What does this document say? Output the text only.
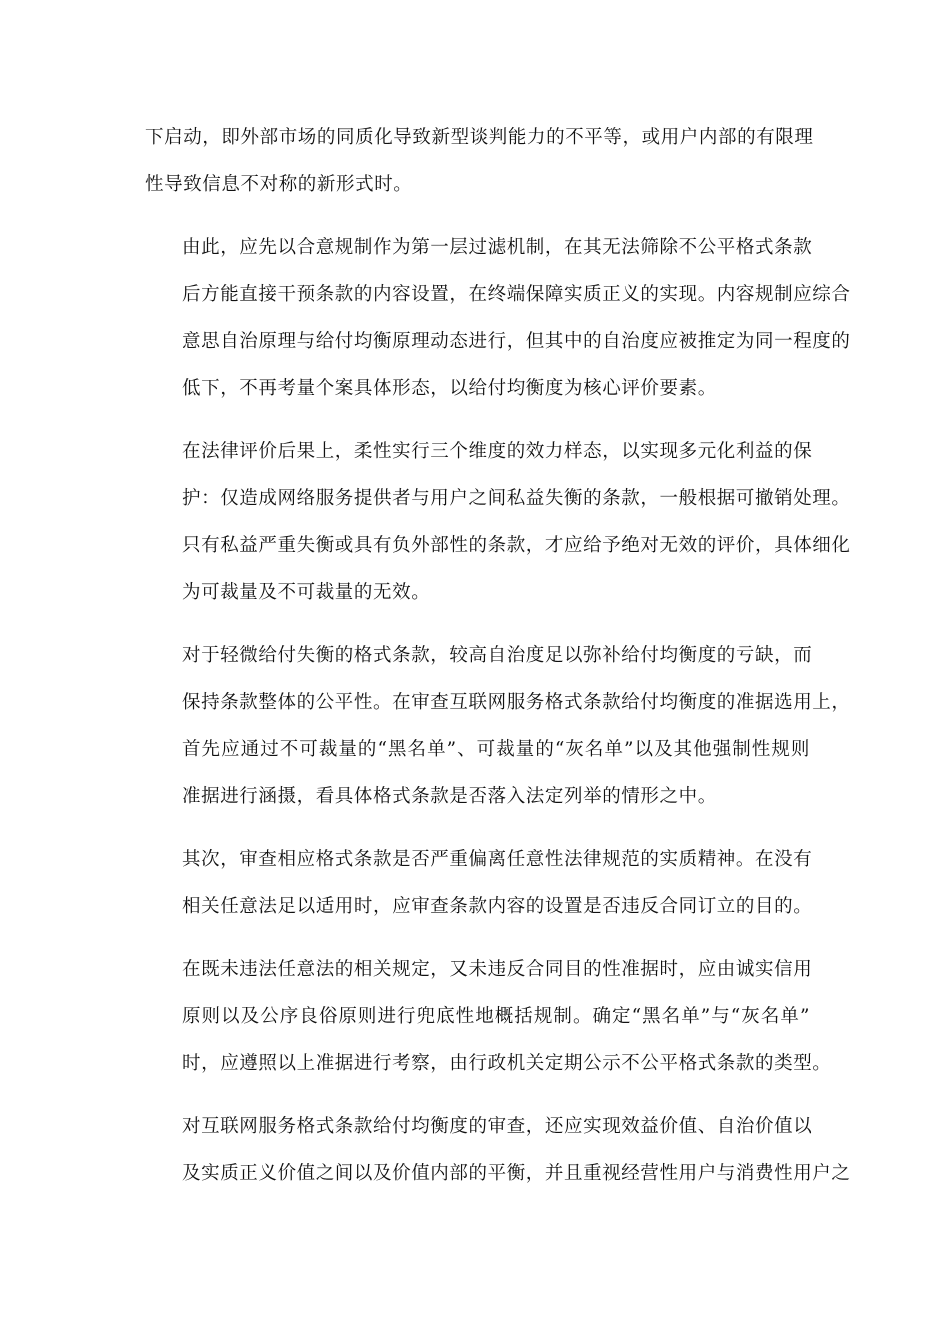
下启动，即外部市场的同质化导致新型谈判能力的不平等，或用户内部的有限理
性导致信息不对称的新形式时。

由此，应先以合意规制作为第一层过滤机制，在其无法筛除不公平格式条款
后方能直接干预条款的内容设置，在终端保障实质正义的实现。内容规制应综合
意思自治原理与给付均衡原理动态进行，但其中的自治度应被推定为同一程度的
低下，不再考量个案具体形态，以给付均衡度为核心评价要素。

在法律评价后果上，柔性实行三个维度的效力样态，以实现多元化利益的保
护：仅造成网络服务提供者与用户之间私益失衡的条款，一般根据可撤销处理。
只有私益严重失衡或具有负外部性的条款，才应给予绝对无效的评价，具体细化
为可裁量及不可裁量的无效。

对于轻微给付失衡的格式条款，较高自治度足以弥补给付均衡度的亏缺，而
保持条款整体的公平性。在审查互联网服务格式条款给付均衡度的准据选用上，
首先应通过不可裁量的“黑名单”、可裁量的“灰名单”以及其他强制性规则
准据进行涵摄，看具体格式条款是否落入法定列举的情形之中。

其次，审查相应格式条款是否严重偏离任意性法律规范的实质精神。在没有
相关任意法足以适用时，应审查条款内容的设置是否违反合同订立的目的。

在既未违法任意法的相关规定，又未违反合同目的性准据时，应由诚实信用
原则以及公序良俗原则进行兜底性地概括规制。确定“黑名单”与“灰名单”
时，应遵照以上准据进行考察，由行政机关定期公示不公平格式条款的类型。

对互联网服务格式条款给付均衡度的审查，还应实现效益价值、自治价值以
及实质正义价值之间以及价值内部的平衡，并且重视经营性用户与消费性用户之
